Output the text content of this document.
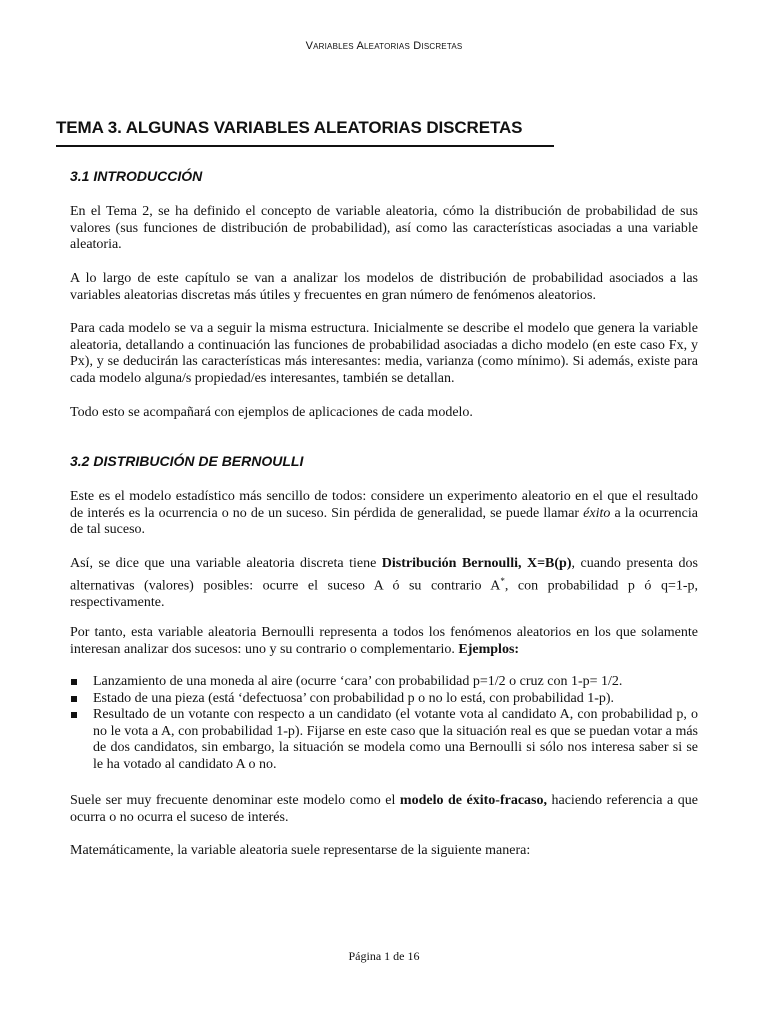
Variables Aleatorias Discretas
TEMA 3. ALGUNAS VARIABLES ALEATORIAS DISCRETAS
3.1 INTRODUCCIÓN

En el Tema 2, se ha definido el concepto de variable aleatoria, cómo la distribución de probabilidad de sus valores (sus funciones de distribución de probabilidad), así como las características asociadas a una variable aleatoria.

A lo largo de este capítulo se van a analizar los modelos de distribución de probabilidad asociados a las variables aleatorias discretas más útiles y frecuentes en gran número de fenómenos aleatorios.

Para cada modelo se va a seguir la misma estructura. Inicialmente se describe el modelo que genera la variable aleatoria, detallando a continuación las funciones de probabilidad asociadas a dicho modelo (en este caso Fx, y Px), y se deducirán las características más interesantes: media, varianza (como mínimo). Si además, existe para cada modelo alguna/s propiedad/es interesantes, también se detallan.

Todo esto se acompañará con ejemplos de aplicaciones de cada modelo.

3.2 DISTRIBUCIÓN DE BERNOULLI

Este es el modelo estadístico más sencillo de todos: considere un experimento aleatorio en el que el resultado de interés es la ocurrencia o no de un suceso. Sin pérdida de generalidad, se puede llamar éxito a la ocurrencia de tal suceso.

Así, se dice que una variable aleatoria discreta tiene Distribución Bernoulli, X=B(p), cuando presenta dos alternativas (valores) posibles: ocurre el suceso A ó su contrario A*, con probabilidad p ó q=1-p, respectivamente.

Por tanto, esta variable aleatoria Bernoulli representa a todos los fenómenos aleatorios en los que solamente interesan analizar dos sucesos: uno y su contrario o complementario. Ejemplos:

Lanzamiento de una moneda al aire (ocurre ‘cara’ con probabilidad p=1/2 o cruz con 1-p= 1/2.
Estado de una pieza (está ‘defectuosa’ con probabilidad p o no lo está, con probabilidad 1-p).
Resultado de un votante con respecto a un candidato (el votante vota al candidato A, con probabilidad p, o no le vota a A, con probabilidad 1-p). Fijarse en este caso que la situación real es que se puedan votar a más de dos candidatos, sin embargo, la situación se modela como una Bernoulli si sólo nos interesa saber si se le ha votado al candidato A o no.

Suele ser muy frecuente denominar este modelo como el modelo de éxito-fracaso, haciendo referencia a que ocurra o no ocurra el suceso de interés.

Matemáticamente, la variable aleatoria suele representarse de la siguiente manera:

Página 1 de 16
